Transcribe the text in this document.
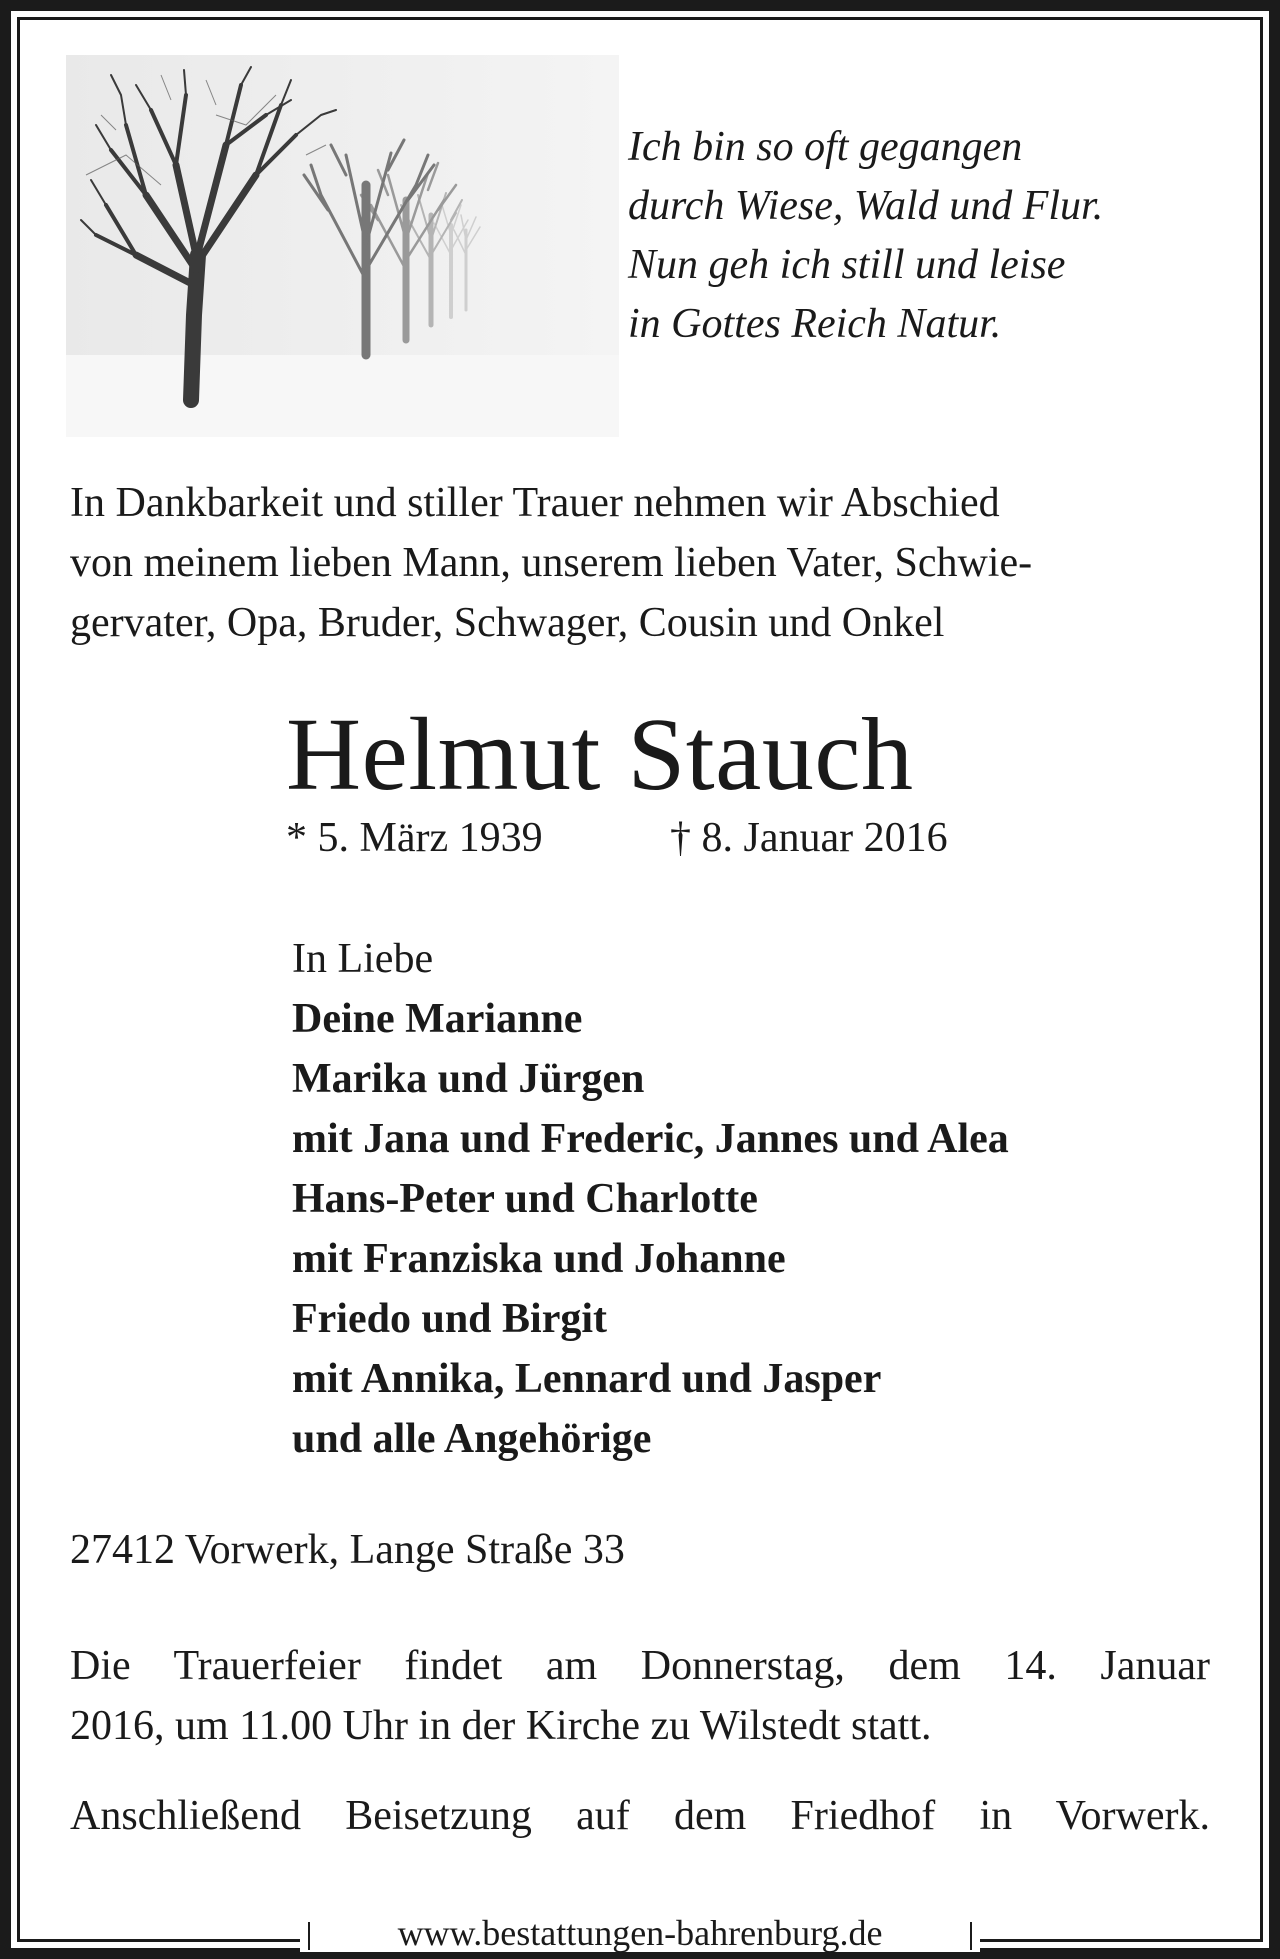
Ich bin so oft gegangen
durch Wiese, Wald und Flur.
Nun geh ich still und leise
in Gottes Reich Natur.
In Dankbarkeit und stiller Trauer nehmen wir Abschied
von meinem lieben Mann, unserem lieben Vater, Schwie-
gervater, Opa, Bruder, Schwager, Cousin und Onkel
Helmut Stauch
* 5. März 1939	† 8. Januar 2016
In Liebe
Deine Marianne
Marika und Jürgen
mit Jana und Frederic, Jannes und Alea
Hans-Peter und Charlotte
mit Franziska und Johanne
Friedo und Birgit
mit Annika, Lennard und Jasper
und alle Angehörige
27412 Vorwerk, Lange Straße 33
Die Trauerfeier findet am Donnerstag, dem 14. Januar
2016, um 11.00 Uhr in der Kirche zu Wilstedt statt.
Anschließend Beisetzung auf dem Friedhof in Vorwerk.
www.bestattungen-bahrenburg.de
